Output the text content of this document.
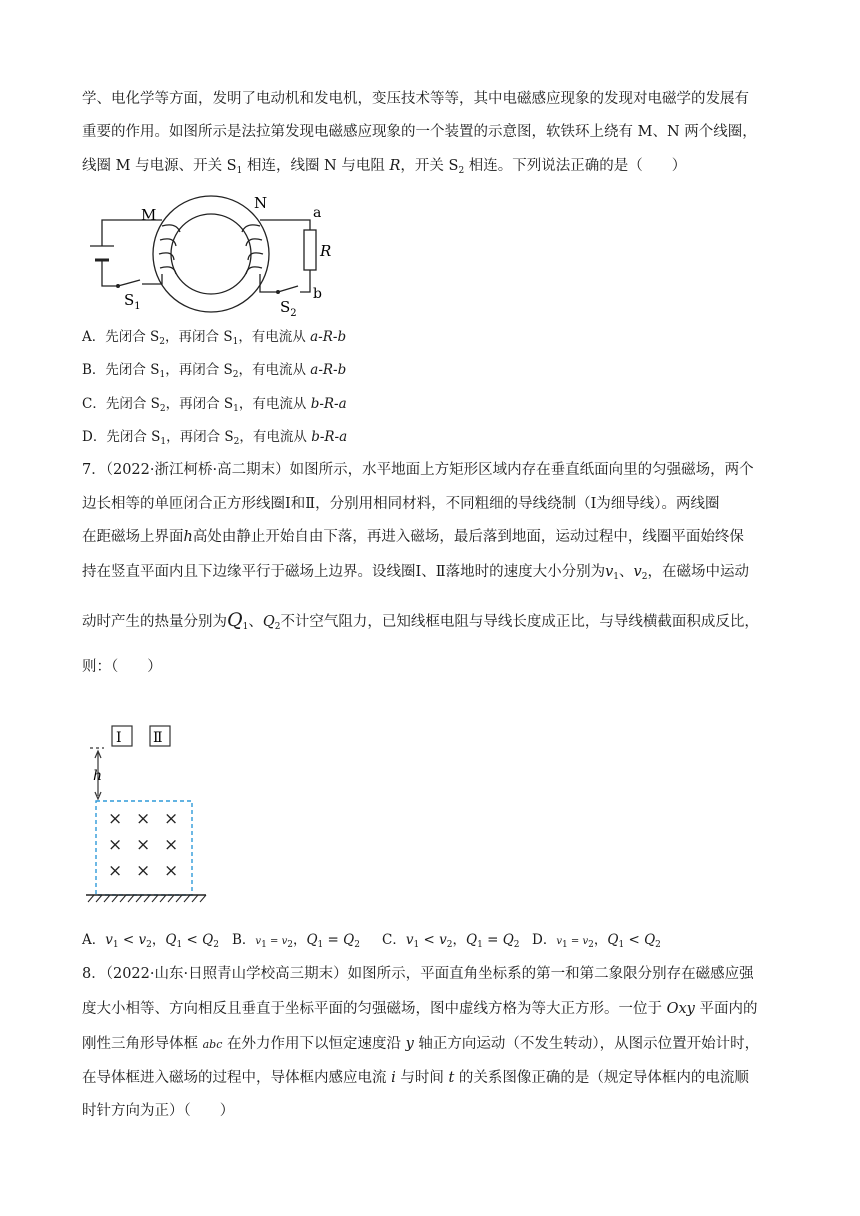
学、电化学等方面，发明了电动机和发电机，变压技术等等，其中电磁感应现象的发现对电磁学的发展有
重要的作用。如图所示是法拉第发现电磁感应现象的一个装置的示意图，软铁环上绕有 M、N 两个线圈，
线圈 M 与电源、开关 $S_1$ 相连，线圈 N 与电阻 R，开关 $S_2$ 相连。下列说法正确的是（　　）
M
N
a
b
R
$S_1$	$S_2$
A．先闭合 $S_2$，再闭合 $S_1$，有电流从 a-R-b
B．先闭合 $S_1$，再闭合 $S_2$，有电流从 a-R-b
C．先闭合 $S_2$，再闭合 $S_1$，有电流从 b-R-a
D．先闭合 $S_1$，再闭合 $S_2$，有电流从 b-R-a
7．（2022·浙江柯桥·高二期末）如图所示，水平地面上方矩形区域内存在垂直纸面向里的匀强磁场，两个
边长相等的单匝闭合正方形线圈Ⅰ和Ⅱ，分别用相同材料，不同粗细的导线绕制（Ⅰ为细导线）。两线圈
在距磁场上界面h高处由静止开始自由下落，再进入磁场，最后落到地面，运动过程中，线圈平面始终保
持在竖直平面内且下边缘平行于磁场上边界。设线圈Ⅰ、Ⅱ落地时的速度大小分别为$v_1$、$v_2$，在磁场中运动
动时产生的热量分别为$Q_1$、$Q_2$不计空气阻力，已知线框电阻与导线长度成正比，与导线横截面积成反比，
则：（　　）
Ⅰ Ⅱ
h
× × ×
× × ×
× × ×
A．$v_1 < v_2$，$Q_1 < Q_2$ B．$v_1 = v_2$，$Q_1 = Q_2$ C．$v_1 < v_2$，$Q_1 = Q_2$ D．$v_1 = v_2$，$Q_1 < Q_2$
8．（2022·山东·日照青山学校高三期末）如图所示，平面直角坐标系的第一和第二象限分别存在磁感应强
度大小相等、方向相反且垂直于坐标平面的匀强磁场，图中虚线方格为等大正方形。一位于 Oxy 平面内的
刚性三角形导体框 abc 在外力作用下以恒定速度沿 y 轴正方向运动（不发生转动），从图示位置开始计时，
在导体框进入磁场的过程中，导体框内感应电流 i 与时间 t 的关系图像正确的是（规定导体框内的电流顺
时针方向为正）（　　）
